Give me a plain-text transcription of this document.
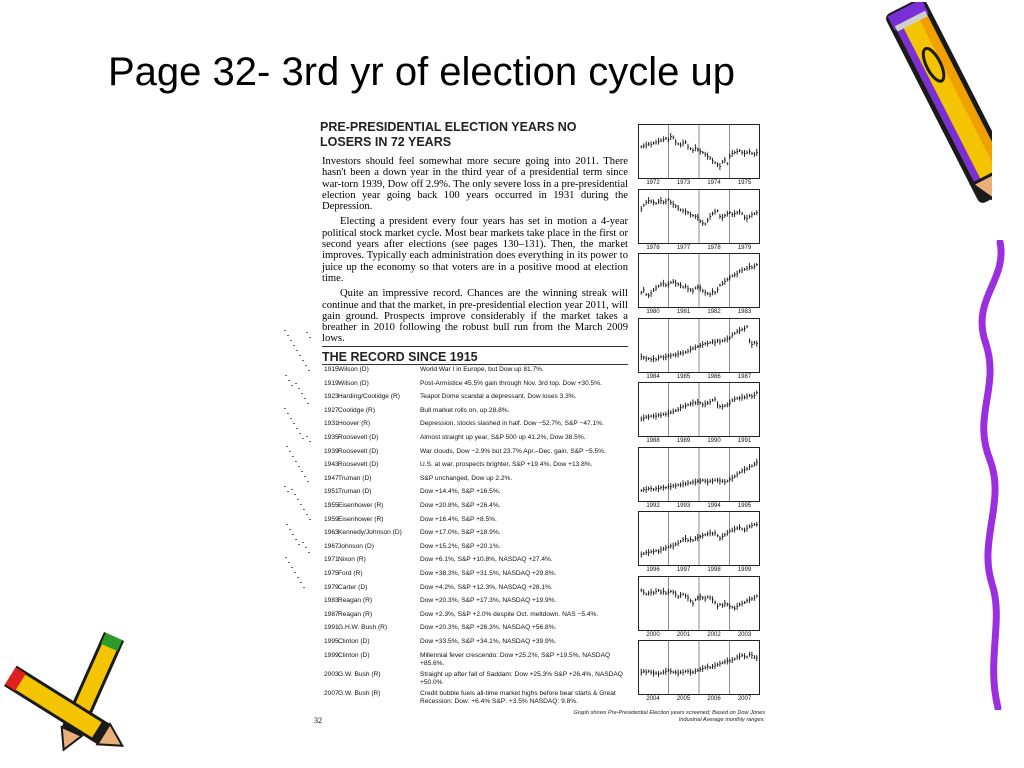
Page 32- 3rd yr of election cycle up
PRE-PRESIDENTIAL ELECTION YEARS NO LOSERS IN 72 YEARS

Investors should feel somewhat more secure going into 2011. There hasn't been a down year in the third year of a presidential term since war-torn 1939, Dow off 2.9%. The only severe loss in a pre-presidential election year going back 100 years occurred in 1931 during the Depression.

Electing a president every four years has set in motion a 4-year political stock market cycle. Most bear markets take place in the first or second years after elections (see pages 130–131). Then, the market improves. Typically each administration does everything in its power to juice up the economy so that voters are in a positive mood at election time.

Quite an impressive record. Chances are the winning streak will continue and that the market, in pre-presidential election year 2011, will gain ground. Prospects improve considerably if the market takes a breather in 2010 following the robust bull run from the March 2009 lows.

THE RECORD SINCE 1915
1915 Wilson (D)	World War I in Europe, but Dow up 81.7%.
1919 Wilson (D)	Post-Armistice 45.5% gain through Nov. 3rd top. Dow +30.5%.
1923 Harding/Coolidge (R)	Teapot Dome scandal a depressant. Dow loses 3.3%.
1927 Coolidge (R)	Bull market rolls on, up 28.8%.
1931 Hoover (R)	Depression, stocks slashed in half. Dow −52.7%, S&P −47.1%.
1935 Roosevelt (D)	Almost straight up year, S&P 500 up 41.2%, Dow 38.5%.
1939 Roosevelt (D)	War clouds, Dow −2.9% but 23.7% Apr.–Dec. gain. S&P −5.5%.
1943 Roosevelt (D)	U.S. at war, prospects brighter, S&P +19.4%, Dow +13.8%.
1947 Truman (D)	S&P unchanged, Dow up 2.2%.
1951 Truman (D)	Dow +14.4%, S&P +16.5%.
1955 Eisenhower (R)	Dow +20.8%, S&P +26.4%.
1959 Eisenhower (R)	Dow +16.4%, S&P +8.5%.
1963 Kennedy/Johnson (D)	Dow +17.0%, S&P +18.9%.
1967 Johnson (D)	Dow +15.2%, S&P +20.1%.
1971 Nixon (R)	Dow +6.1%, S&P +10.8%, NASDAQ +27.4%.
1975 Ford (R)	Dow +38.3%, S&P +31.5%, NASDAQ +29.8%.
1979 Carter (D)	Dow +4.2%, S&P +12.3%, NASDAQ +28.1%.
1983 Reagan (R)	Dow +20.3%, S&P +17.3%, NASDAQ +19.9%.
1987 Reagan (R)	Dow +2.3%, S&P +2.0% despite Oct. meltdown. NAS −5.4%.
1991 G.H.W. Bush (R)	Dow +20.3%, S&P +26.3%, NASDAQ +56.8%.
1995 Clinton (D)	Dow +33.5%, S&P +34.1%, NASDAQ +39.9%.
1999 Clinton (D)	Millennial fever crescendo: Dow +25.2%, S&P +19.5%, NASDAQ +85.6%.
2003 G.W. Bush (R)	Straight up after fall of Saddam: Dow +25.3% S&P +26.4%, NASDAQ +50.0%
2007 G.W. Bush (R)	Credit bubble fuels all-time market highs before bear starts & Great Recession: Dow: +6.4% S&P: +3.5% NASDAQ: 9.8%.
1972	1973	1974	1975
1976	1977	1978	1979
1980	1981	1982	1983
1984	1985	1986	1987
1988	1989	1990	1991
1992	1993	1994	1995
1996	1997	1998	1999
2000	2001	2002	2003
2004	2005	2006	2007
Graph shows Pre-Presidential Election years screened; Based on Dow Jones Industrial Average monthly ranges.
32
